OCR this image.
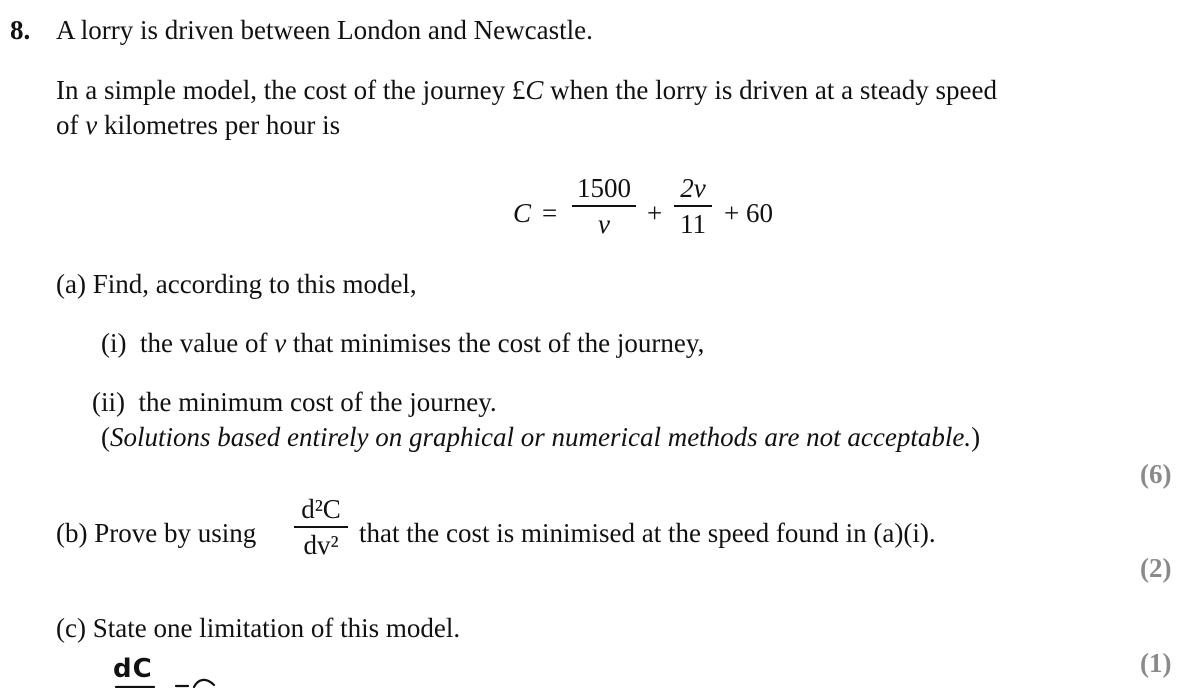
8. A lorry is driven between London and Newcastle.
In a simple model, the cost of the journey £C when the lorry is driven at a steady speed
of v kilometres per hour is
C =
1500
v	+
2v
11 + 60
(a) Find, according to this model,
(i) the value of v that minimises the cost of the journey,
(ii) the minimum cost of the journey.
(Solutions based entirely on graphical or numerical methods are not acceptable.)
(6)
(b) Prove by using
d²C
dv² that the cost is minimised at the speed found in (a)(i).
(2)
(c) State one limitation of this model.
(1)
dC
